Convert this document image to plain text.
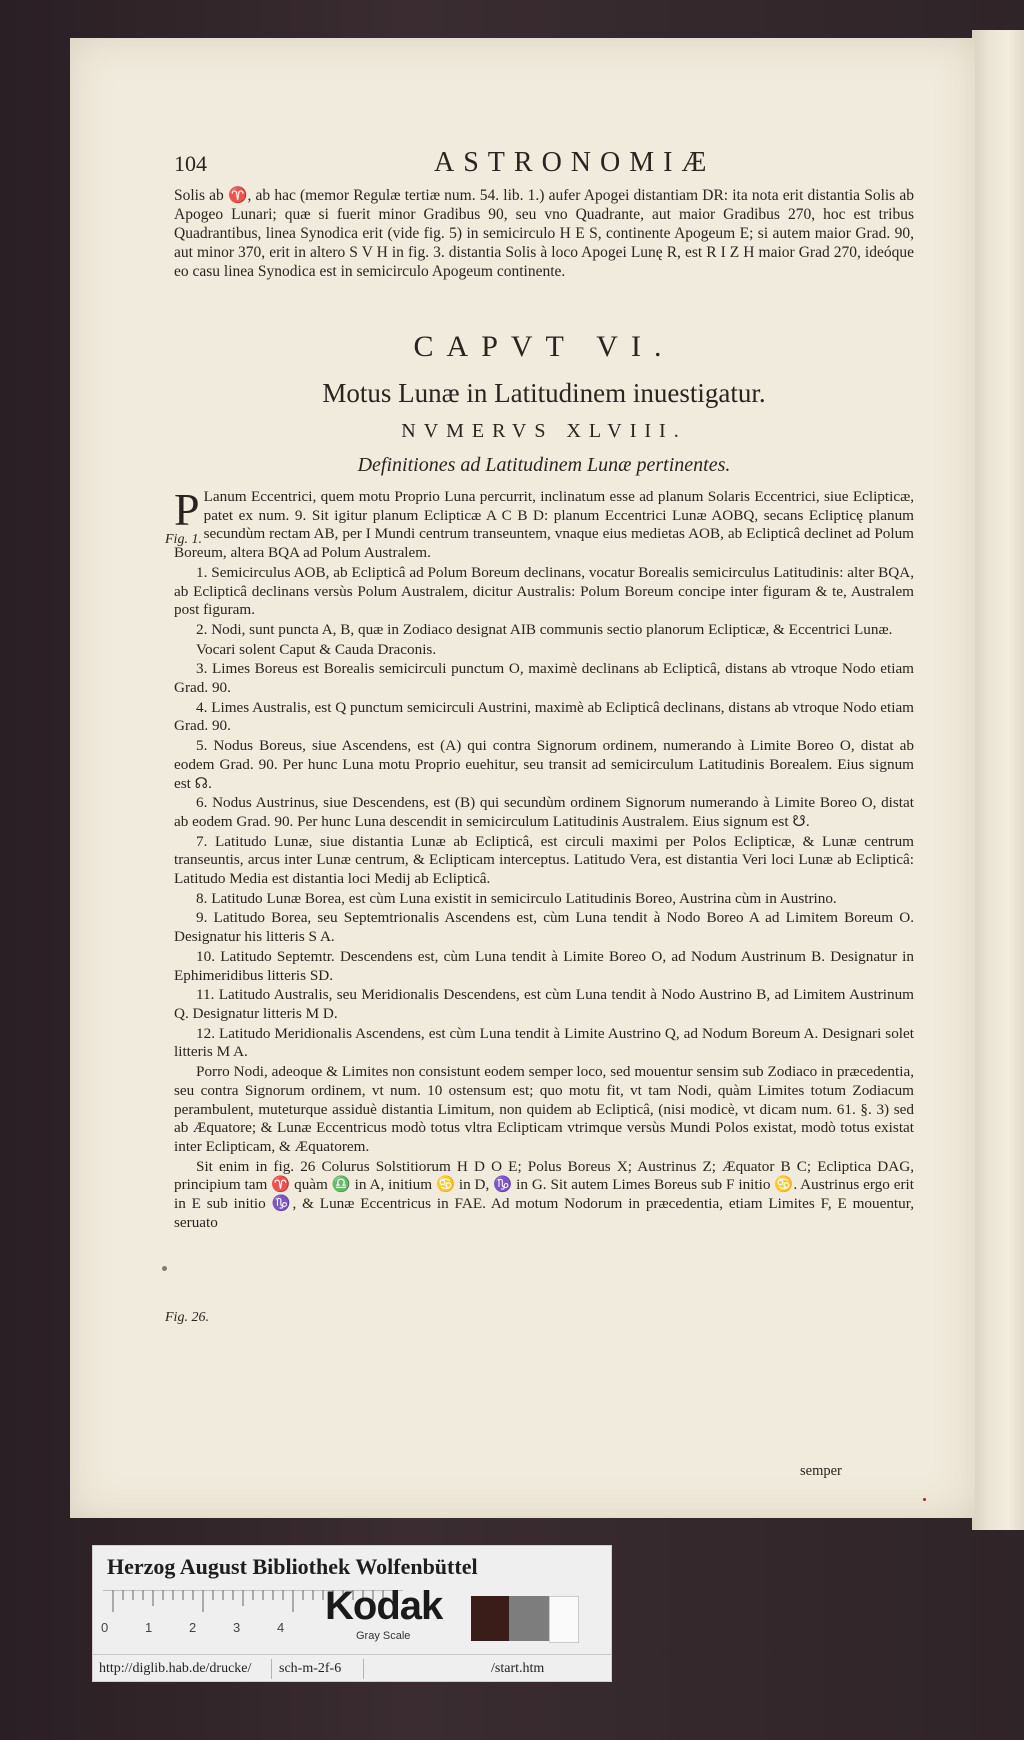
104	ASTRONOMIÆ
Solis ab ♈, ab hac (memor Regulæ tertiæ num. 54. lib. 1.) aufer Apogei distantiam DR: ita nota erit distantia Solis ab Apogeo Lunari; quæ si fuerit minor Gradibus 90, seu vno Quadrante, aut maior Gradibus 270, hoc est tribus Quadrantibus, linea Synodica erit (vide fig. 5) in semicirculo H E S, continente Apogeum E; si autem maior Grad. 90, aut minor 370, erit in altero S V H in fig. 3. distantia Solis à loco Apogei Lunę R, est R I Z H maior Grad 270, ideóque eo casu linea Synodica est in semicirculo Apogeum continente.
CAPVT VI.
Motus Lunæ in Latitudinem inuestigatur.
NVMERVS XLVIII.
Definitiones ad Latitudinem Lunæ pertinentes.
Fig. 1.
Fig. 26.

P Lanum Eccentrici, quem motu Proprio Luna percurrit, inclinatum esse ad planum Solaris Eccentrici, siue Eclipticæ, patet ex num. 9. Sit igitur planum Eclipticæ A C B D: planum Eccentrici Lunæ AOBQ, secans Eclipticę planum secundùm rectam AB, per I Mundi centrum transeuntem, vnaque eius medietas AOB, ab Eclipticâ declinet ad Polum Boreum, altera BQA ad Polum Australem.

1. Semicirculus AOB, ab Eclipticâ ad Polum Boreum declinans, vocatur Borealis semicirculus Latitudinis: alter BQA, ab Eclipticâ declinans versùs Polum Australem, dicitur Australis: Polum Boreum concipe inter figuram & te, Australem post figuram.

2. Nodi, sunt puncta A, B, quæ in Zodiaco designat AIB communis sectio planorum Eclipticæ, & Eccentrici Lunæ.

Vocari solent Caput & Cauda Draconis.

3. Limes Boreus est Borealis semicirculi punctum O, maximè declinans ab Eclipticâ, distans ab vtroque Nodo etiam Grad. 90.

4. Limes Australis, est Q punctum semicirculi Austrini, maximè ab Eclipticâ declinans, distans ab vtroque Nodo etiam Grad. 90.

5. Nodus Boreus, siue Ascendens, est (A) qui contra Signorum ordinem, numerando à Limite Boreo O, distat ab eodem Grad. 90. Per hunc Luna motu Proprio euehitur, seu transit ad semicirculum Latitudinis Borealem. Eius signum est ☊.

6. Nodus Austrinus, siue Descendens, est (B) qui secundùm ordinem Signorum numerando à Limite Boreo O, distat ab eodem Grad. 90. Per hunc Luna descendit in semicirculum Latitudinis Australem. Eius signum est ☋.

7. Latitudo Lunæ, siue distantia Lunæ ab Eclipticâ, est circuli maximi per Polos Eclipticæ, & Lunæ centrum transeuntis, arcus inter Lunæ centrum, & Eclipticam interceptus. Latitudo Vera, est distantia Veri loci Lunæ ab Eclipticâ: Latitudo Media est distantia loci Medij ab Eclipticâ.

8. Latitudo Lunæ Borea, est cùm Luna existit in semicirculo Latitudinis Boreo, Austrina cùm in Austrino.

9. Latitudo Borea, seu Septemtrionalis Ascendens est, cùm Luna tendit à Nodo Boreo A ad Limitem Boreum O. Designatur his litteris S A.

10. Latitudo Septemtr. Descendens est, cùm Luna tendit à Limite Boreo O, ad Nodum Austrinum B. Designatur in Ephimeridibus litteris SD.

11. Latitudo Australis, seu Meridionalis Descendens, est cùm Luna tendit à Nodo Austrino B, ad Limitem Austrinum Q. Designatur litteris M D.

12. Latitudo Meridionalis Ascendens, est cùm Luna tendit à Limite Austrino Q, ad Nodum Boreum A. Designari solet litteris M A.

Porro Nodi, adeoque & Limites non consistunt eodem semper loco, sed mouentur sensim sub Zodiaco in præcedentia, seu contra Signorum ordinem, vt num. 10 ostensum est; quo motu fit, vt tam Nodi, quàm Limites totum Zodiacum perambulent, muteturque assiduè distantia Limitum, non quidem ab Eclipticâ, (nisi modicè, vt dicam num. 61. §. 3) sed ab Æquatore; & Lunæ Eccentricus modò totus vltra Eclipticam vtrimque versùs Mundi Polos existat, modò totus existat inter Eclipticam, & Æquatorem.

Sit enim in fig. 26 Colurus Solstitiorum H D O E; Polus Boreus X; Austrinus Z; Æquator B C; Ecliptica DAG, principium tam ♈ quàm ♎ in A, initium ♋ in D, ♑ in G. Sit autem Limes Boreus sub F initio ♋. Austrinus ergo erit in E sub initio ♑, & Lunæ Eccentricus in FAE. Ad motum Nodorum in præcedentia, etiam Limites F, E mouentur, seruato

semper
Herzog August Bibliothek Wolfenbüttel
0	1	2	3	4 Kodak
Gray Scale
http://diglib.hab.de/drucke/ sch-m-2f-6	/start.htm
